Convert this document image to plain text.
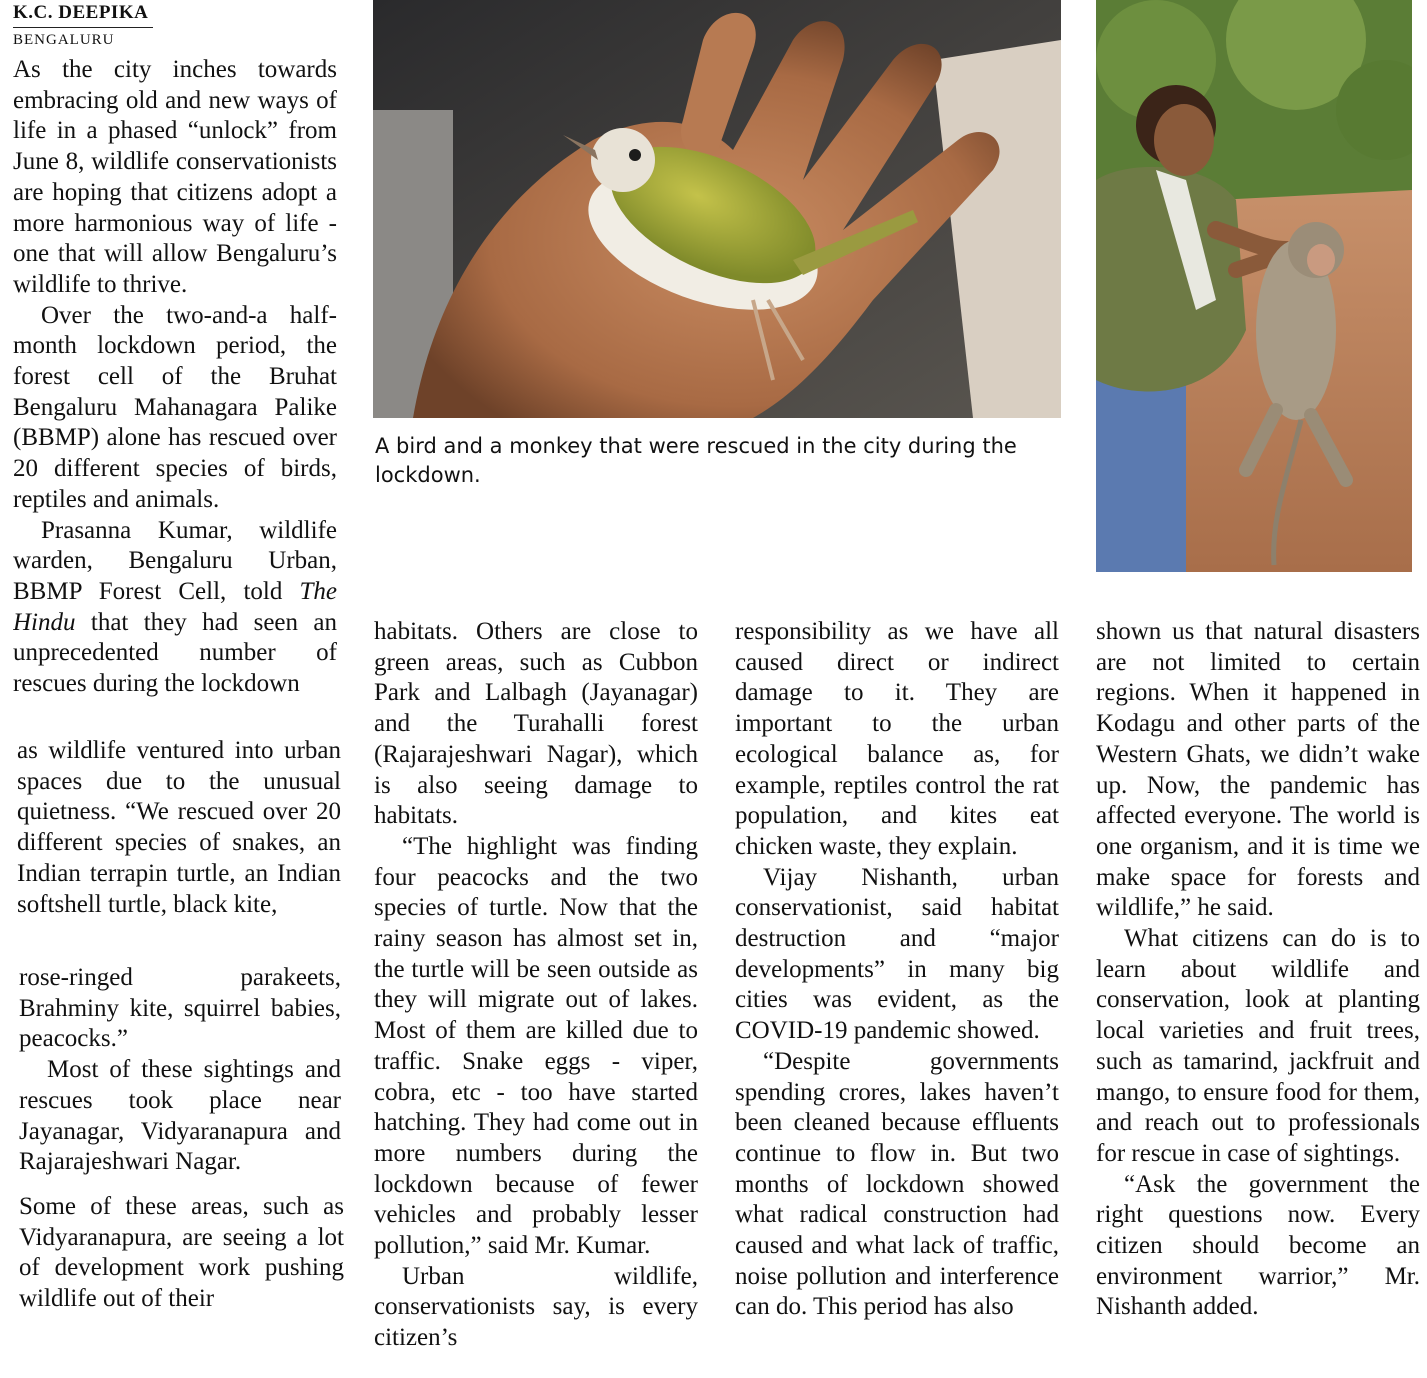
K.C. DEEPIKA
BENGALURU

As the city inches towards embracing old and new ways of life in a phased “unlock” from June 8, wildlife conservationists are hoping that citizens adopt a more harmonious way of life - one that will allow Bengaluru’s wildlife to thrive.

Over the two-and-a half-month lockdown period, the forest cell of the Bruhat Bengaluru Mahanagara Palike (BBMP) alone has rescued over 20 different species of birds, reptiles and animals.

Prasanna Kumar, wildlife warden, Bengaluru Urban, BBMP Forest Cell, told The Hindu that they had seen an unprecedented number of rescues during the lockdown

as wildlife ventured into urban spaces due to the unusual quietness. “We rescued over 20 different species of snakes, an Indian terrapin turtle, an Indian softshell turtle, black kite,

rose-ringed parakeets, Brahminy kite, squirrel babies, peacocks.”

Most of these sightings and rescues took place near Jayanagar, Vidyaranapura and Rajarajeshwari Nagar.

Some of these areas, such as Vidyaranapura, are seeing a lot of development work pushing wildlife out of their

A bird and a monkey that were rescued in the city during the lockdown.

habitats. Others are close to green areas, such as Cubbon Park and Lalbagh (Jayanagar) and the Turahalli forest (Rajarajeshwari Nagar), which is also seeing damage to habitats.

“The highlight was finding four peacocks and the two species of turtle. Now that the rainy season has almost set in, the turtle will be seen outside as they will migrate out of lakes. Most of them are killed due to traffic. Snake eggs - viper, cobra, etc - too have started hatching. They had come out in more numbers during the lockdown because of fewer vehicles and probably lesser pollution,” said Mr. Kumar.

Urban wildlife, conservationists say, is every citizen’s

responsibility as we have all caused direct or indirect damage to it. They are important to the urban ecological balance as, for example, reptiles control the rat population, and kites eat chicken waste, they explain.

Vijay Nishanth, urban conservationist, said habitat destruction and “major developments” in many big cities was evident, as the COVID-19 pandemic showed.

“Despite governments spending crores, lakes haven’t been cleaned because effluents continue to flow in. But two months of lockdown showed what radical construction had caused and what lack of traffic, noise pollution and interference can do. This period has also

shown us that natural disasters are not limited to certain regions. When it happened in Kodagu and other parts of the Western Ghats, we didn’t wake up. Now, the pandemic has affected everyone. The world is one organism, and it is time we make space for forests and wildlife,” he said.

What citizens can do is to learn about wildlife and conservation, look at planting local varieties and fruit trees, such as tamarind, jackfruit and mango, to ensure food for them, and reach out to professionals for rescue in case of sightings.

“Ask the government the right questions now. Every citizen should become an environment warrior,” Mr. Nishanth added.
